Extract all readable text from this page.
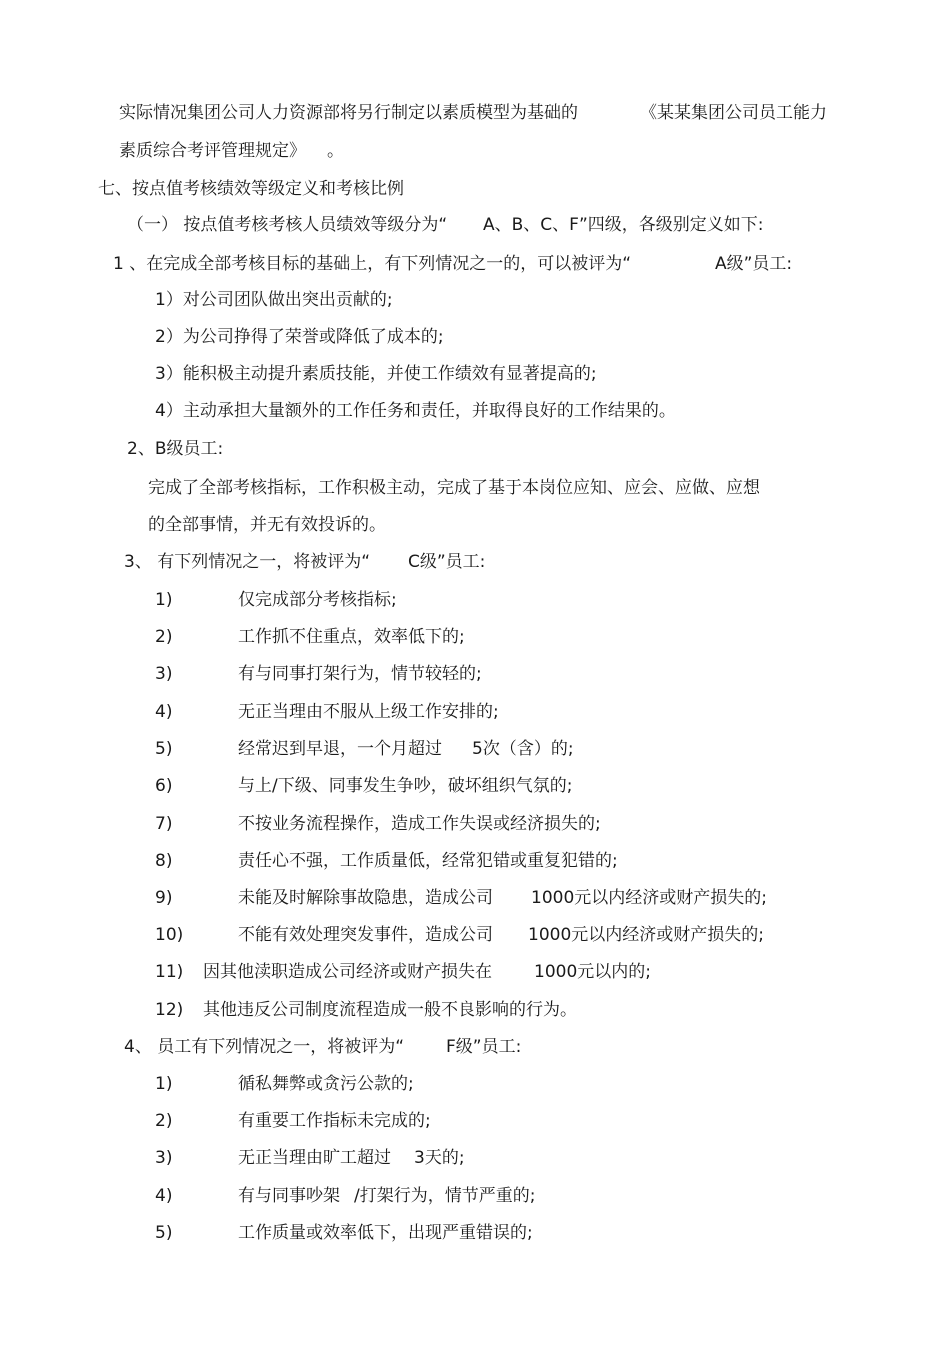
实际情况集团公司人力资源部将另行制定以素质模型为基础的	《某某集团公司员工能力
素质综合考评管理规定》 。
七、按点值考核绩效等级定义和考核比例
（一） 按点值考核考核人员绩效等级分为“ A、B、C、F”四级，各级别定义如下:
1 、在完成全部考核目标的基础上，有下列情况之一的，可以被评为“	A级”员工:
1）对公司团队做出突出贡献的;
2）为公司挣得了荣誉或降低了成本的;
3）能积极主动提升素质技能，并使工作绩效有显著提高的;
4）主动承担大量额外的工作任务和责任，并取得良好的工作结果的。
2、B级员工:
完成了全部考核指标，工作积极主动，完成了基于本岗位应知、应会、应做、应想
的全部事情，并无有效投诉的。
3、 有下列情况之一，将被评为“ C级”员工:
1)	仅完成部分考核指标;
2)	工作抓不住重点，效率低下的;
3)	有与同事打架行为，情节较轻的;
4)	无正当理由不服从上级工作安排的;
5)	经常迟到早退，一个月超过 5次（含）的;
6)	与上/下级、同事发生争吵，破坏组织气氛的;
7)	不按业务流程操作，造成工作失误或经济损失的;
8)	责任心不强，工作质量低，经常犯错或重复犯错的;
9)	未能及时解除事故隐患，造成公司 1000元以内经济或财产损失的;
10)	不能有效处理突发事件，造成公司 1000元以内经济或财产损失的;
11) 因其他渎职造成公司经济或财产损失在 1000元以内的;
12) 其他违反公司制度流程造成一般不良影响的行为。
4、 员工有下列情况之一，将被评为“ F级”员工:
1)	循私舞弊或贪污公款的;
2)	有重要工作指标未完成的;
3)	无正当理由旷工超过 3天的;
4)	有与同事吵架 /打架行为，情节严重的;
5)	工作质量或效率低下，出现严重错误的;
